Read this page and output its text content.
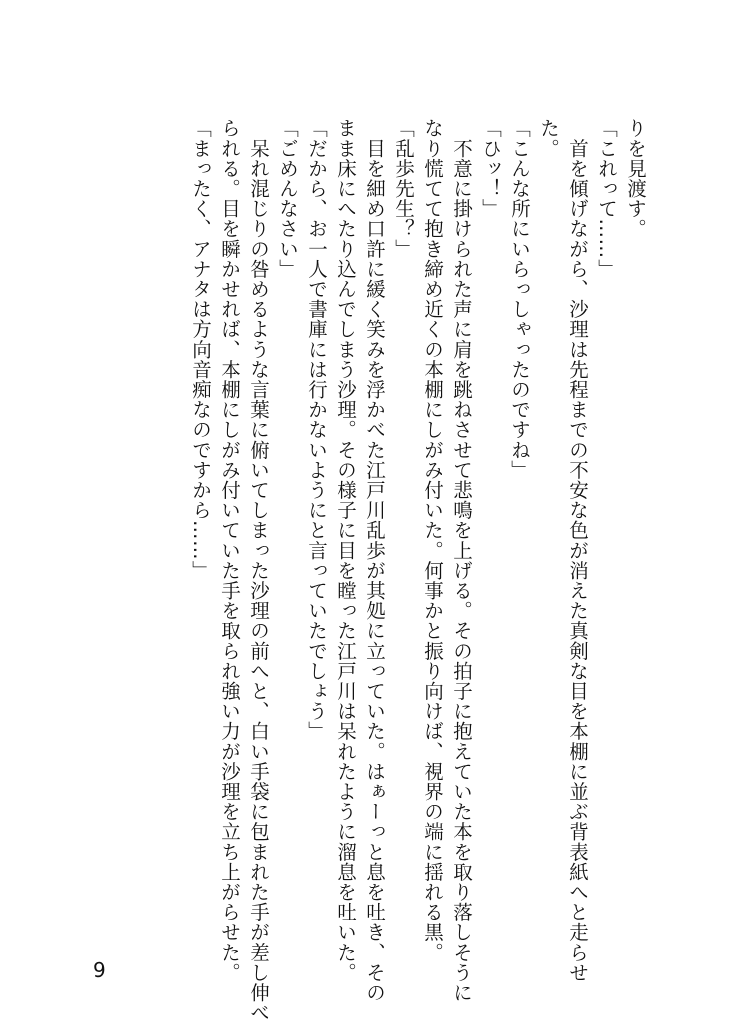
りを見渡す。

「これって……」

　首を傾げながら、沙理は先程までの不安な色が消えた真剣な目を本棚に並ぶ背表紙へと走らせ

た。

「こんな所にいらっしゃったのですね」

「ひッ！」

　不意に掛けられた声に肩を跳ねさせて悲鳴を上げる。その拍子に抱えていた本を取り落しそうに

なり慌てて抱き締め近くの本棚にしがみ付いた。何事かと振り向けば、視界の端に揺れる黒。

「乱歩先生？」

　目を細め口許に緩く笑みを浮かべた江戸川乱歩が其処に立っていた。はぁーっと息を吐き、その

まま床にへたり込んでしまう沙理。その様子に目を瞠った江戸川は呆れたように溜息を吐いた。

「だから、お一人で書庫には行かないようにと言っていたでしょう」

「ごめんなさい」

　呆れ混じりの咎めるような言葉に俯いてしまった沙理の前へと、白い手袋に包まれた手が差し伸べ

られる。目を瞬かせれば、本棚にしがみ付いていた手を取られ強い力が沙理を立ち上がらせた。

「まったく、アナタは方向音痴なのですから……」

9
